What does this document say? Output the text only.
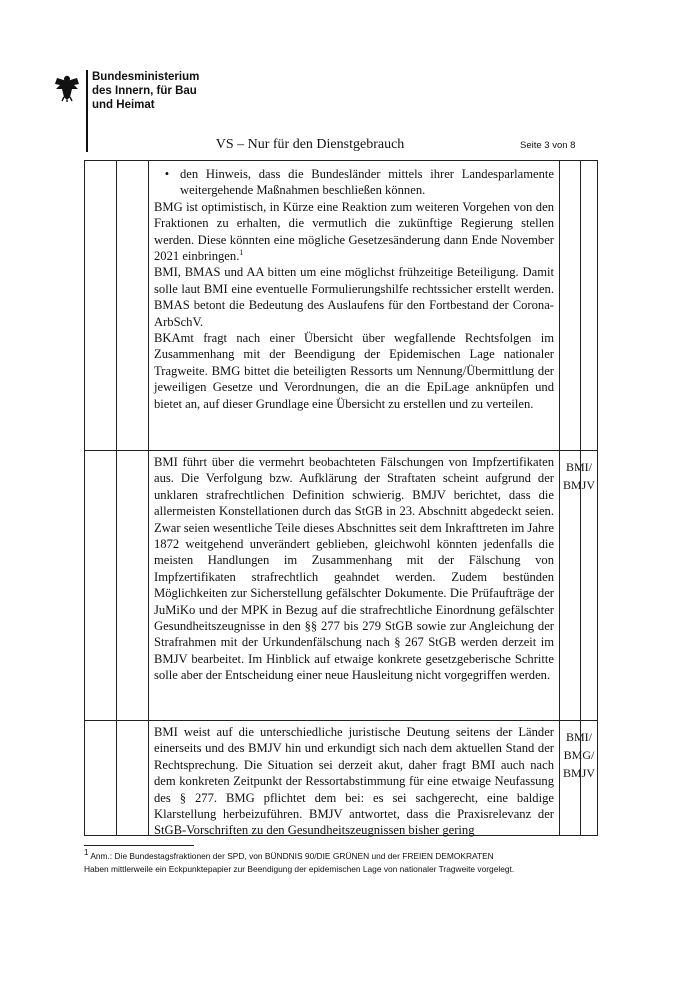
Bundesministerium
des Innern, für Bau
und Heimat
VS – Nur für den Dienstgebrauch	Seite 3 von 8
• den Hinweis, dass die Bundesländer mittels ihrer Landesparlamente weitergehende Maßnahmen beschließen können.

BMG ist optimistisch, in Kürze eine Reaktion zum weiteren Vorgehen von den Fraktionen zu erhalten, die vermutlich die zukünftige Regierung stellen werden. Diese könnten eine mögliche Gesetzesänderung dann Ende November 2021 einbringen.$^1$

BMI, BMAS und AA bitten um eine möglichst frühzeitige Beteiligung. Damit solle laut BMI eine eventuelle Formulierungshilfe rechtssicher erstellt werden. BMAS betont die Bedeutung des Auslaufens für den Fortbestand der Corona-ArbSchV.

BKAmt fragt nach einer Übersicht über wegfallende Rechtsfolgen im Zusammenhang mit der Beendigung der Epidemischen Lage nationaler Tragweite. BMG bittet die beteiligten Ressorts um Nennung/Übermittlung der jeweiligen Gesetze und Verordnungen, die an die EpiLage anknüpfen und bietet an, auf dieser Grundlage eine Übersicht zu erstellen und zu verteilen.

BMI führt über die vermehrt beobachteten Fälschungen von Impfzertifikaten aus. Die Verfolgung bzw. Aufklärung der Straftaten scheint aufgrund der unklaren strafrechtlichen Definition schwierig. BMJV berichtet, dass die allermeisten Konstellationen durch das StGB in 23. Abschnitt abgedeckt seien. Zwar seien wesentliche Teile dieses Abschnittes seit dem Inkrafttreten im Jahre 1872 weitgehend unverändert geblieben, gleichwohl könnten jedenfalls die meisten Handlungen im Zusammenhang mit der Fälschung von Impfzertifikaten strafrechtlich geahndet werden. Zudem bestünden Möglichkeiten zur Sicherstellung gefälschter Dokumente. Die Prüfaufträge der JuMiKo und der MPK in Bezug auf die strafrechtliche Einordnung gefälschter Gesundheitszeugnisse in den §§ 277 bis 279 StGB sowie zur Angleichung der Strafrahmen mit der Urkundenfälschung nach § 267 StGB werden derzeit im BMJV bearbeitet. Im Hinblick auf etwaige konkrete gesetzgeberische Schritte solle aber der Entscheidung einer neue Hausleitung nicht vorgegriffen werden.

BMI/
BMJV

BMI weist auf die unterschiedliche juristische Deutung seitens der Länder einerseits und des BMJV hin und erkundigt sich nach dem aktuellen Stand der Rechtsprechung. Die Situation sei derzeit akut, daher fragt BMI auch nach dem konkreten Zeitpunkt der Ressortabstimmung für eine etwaige Neufassung des § 277. BMG pflichtet dem bei: es sei sachgerecht, eine baldige Klarstellung herbeizuführen. BMJV antwortet, dass die Praxisrelevanz der StGB-Vorschriften zu den Gesundheitszeugnissen bisher gering

BMI/
BMG/
BMJV
$^1$ Anm.: Die Bundestagsfraktionen der SPD, von BÜNDNIS 90/DIE GRÜNEN und der FREIEN DEMOKRATEN
Haben mittlerweile ein Eckpunktepapier zur Beendigung der epidemischen Lage von nationaler Tragweite vorgelegt.
